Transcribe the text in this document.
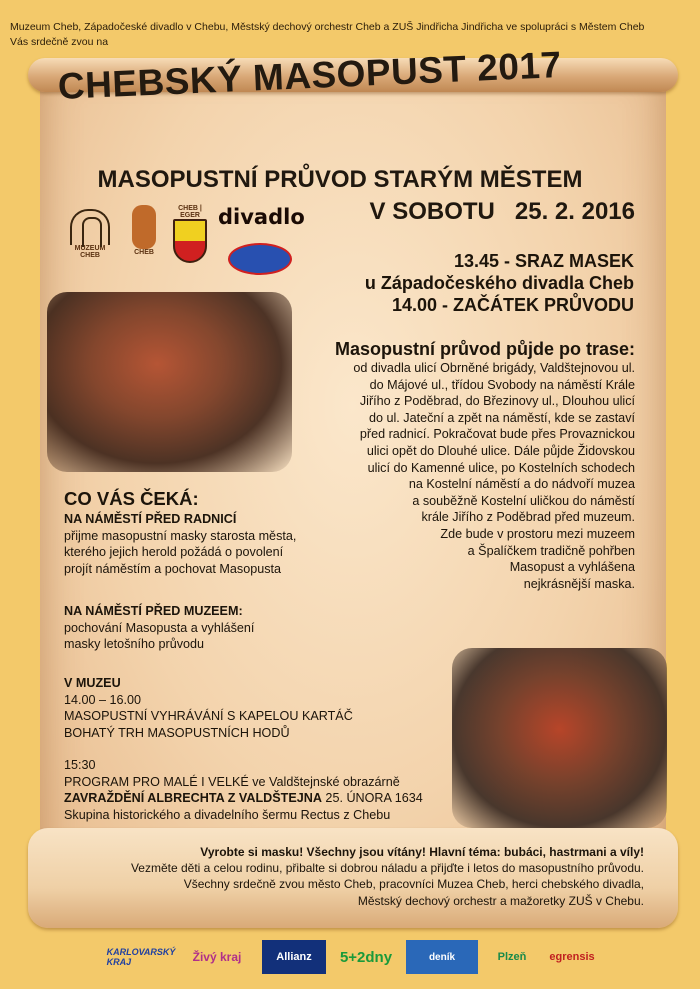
Muzeum Cheb, Západočeské divadlo v Chebu, Městský dechový orchestr Cheb a ZUŠ Jindřicha Jindřicha ve spolupráci s Městem Cheb
Vás srdečně zvou na
CHEBSKÝ MASOPUST 2017
MASOPUSTNÍ PRŮVOD STARÝM MĚSTEM
V SOBOTU 25. 2. 2016
MUZEUM CHEB	CHEB
CHEB | EGER divadlo
13.45 - SRAZ MASEK
u Západočeského divadla Cheb
14.00 - ZAČÁTEK PRŮVODU
Masopustní průvod půjde po trase:
od divadla ulicí Obrněné brigády, Valdštejnovou ul.
do Májové ul., třídou Svobody na náměstí Krále
Jiřího z Poděbrad, do Březinovy ul., Dlouhou ulicí
do ul. Jateční a zpět na náměstí, kde se zastaví
před radnicí. Pokračovat bude přes Provaznickou
ulici opět do Dlouhé ulice. Dále půjde Židovskou
ulicí do Kamenné ulice, po Kostelních schodech
na Kostelní náměstí a do nádvoří muzea
a souběžně Kostelní uličkou do náměstí
krále Jiřího z Poděbrad před muzeum.
Zde bude v prostoru mezi muzeem
a Špalíčkem tradičně pohřben
Masopust a vyhlášena
nejkrásnější maska.
CO VÁS ČEKÁ:
NA NÁMĚSTÍ PŘED RADNICÍ
přijme masopustní masky starosta města,
kterého jejich herold požádá o povolení
projít náměstím a pochovat Masopusta
NA NÁMĚSTÍ PŘED MUZEEM:
pochování Masopusta a vyhlášení
masky letošního průvodu
V MUZEU
14.00 – 16.00
MASOPUSTNÍ VYHRÁVÁNÍ S KAPELOU KARTÁČ
BOHATÝ TRH MASOPUSTNÍCH HODŮ
15:30
PROGRAM PRO MALÉ I VELKÉ ve Valdštejnské obrazárně
ZAVRAŽDĚNÍ ALBRECHTA Z VALDŠTEJNA 25. ÚNORA 1634
Skupina historického a divadelního šermu Rectus z Chebu
Vyrobte si masku! Všechny jsou vítány! Hlavní téma: bubáci, hastrmani a víly!
Vezměte děti a celou rodinu, přibalte si dobrou náladu a přijďte i letos do masopustního průvodu.
Všechny srdečně zvou město Cheb, pracovníci Muzea Cheb, herci chebského divadla,
Městský dechový orchestr a mažoretky ZUŠ v Chebu.
KARLOVARSKÝ KRAJ	Živý kraj	Allianz	5+2dny	deník	Plzeň	egrensis
